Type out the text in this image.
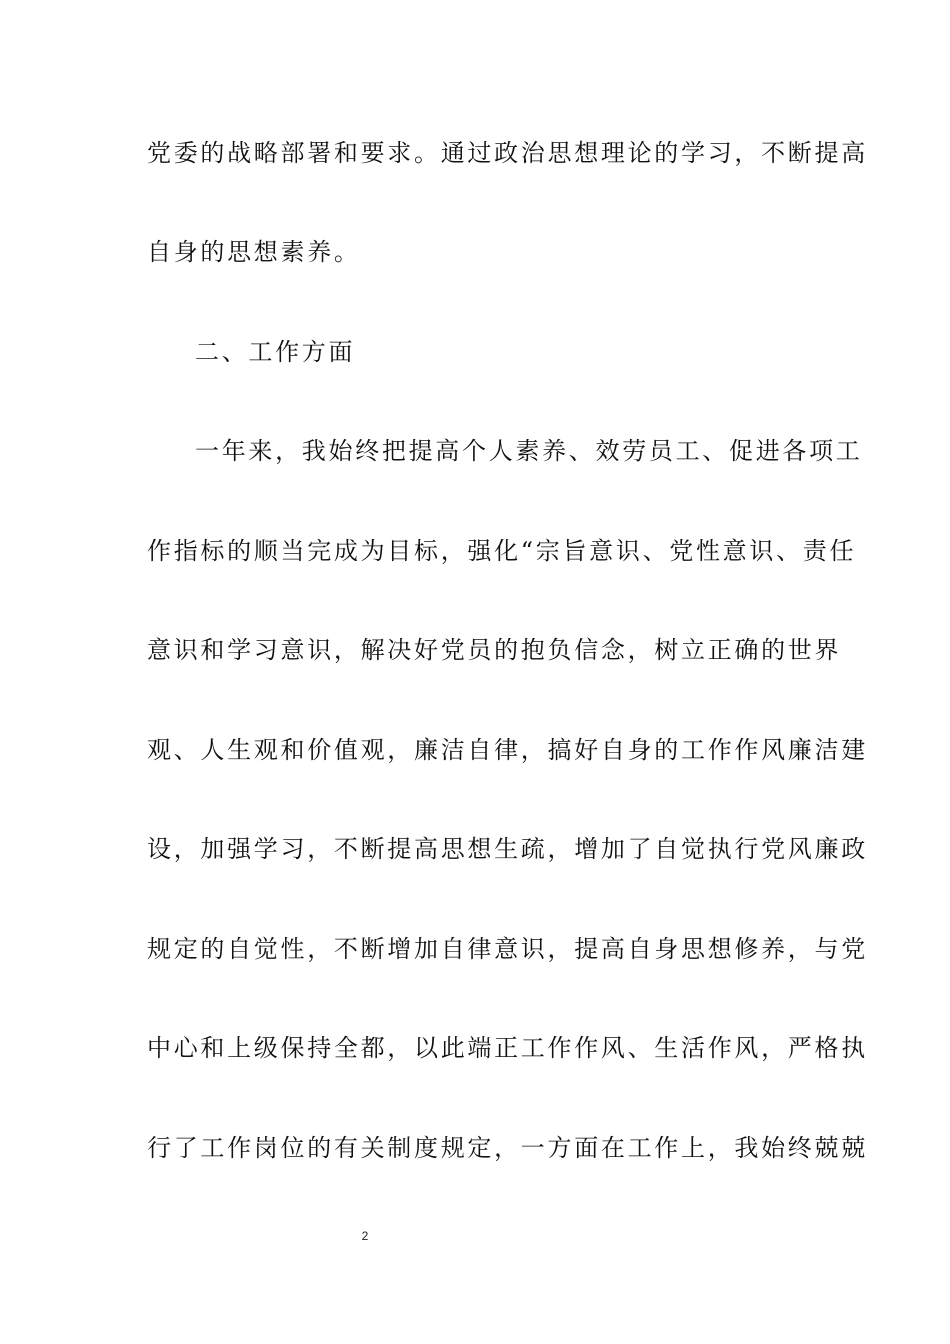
党委的战略部署和要求。通过政治思想理论的学习，不断提高
自身的思想素养。
二、工作方面
一年来，我始终把提高个人素养、效劳员工、促进各项工
作指标的顺当完成为目标，强化“宗旨意识、党性意识、责任
意识和学习意识，解决好党员的抱负信念，树立正确的世界
观、人生观和价值观，廉洁自律，搞好自身的工作作风廉洁建
设，加强学习，不断提高思想生疏，增加了自觉执行党风廉政
规定的自觉性，不断增加自律意识，提高自身思想修养，与党
中心和上级保持全都，以此端正工作作风、生活作风，严格执
行了工作岗位的有关制度规定，一方面在工作上，我始终兢兢
2
